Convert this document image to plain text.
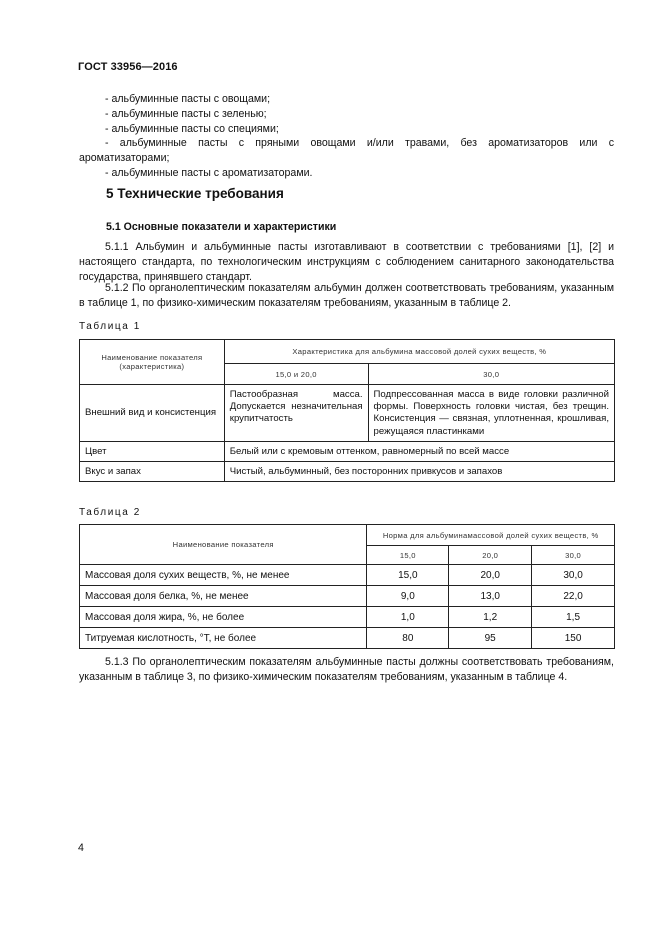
ГОСТ 33956—2016
- альбуминные пасты с овощами;
- альбуминные пасты с зеленью;
- альбуминные пасты со специями;
- альбуминные пасты с пряными овощами и/или травами, без ароматизаторов или с ароматизаторами;
- альбуминные пасты с ароматизаторами.
5 Технические требования
5.1 Основные показатели и характеристики
5.1.1 Альбумин и альбуминные пасты изготавливают в соответствии с требованиями [1], [2] и настоящего стандарта, по технологическим инструкциям с соблюдением санитарного законодательства государства, принявшего стандарт.
5.1.2 По органолептическим показателям альбумин должен соответствовать требованиям, указанным в таблице 1, по физико-химическим показателям требованиям, указанным в таблице 2.
Таблица 1
Наименование показателя (характеристика)	Характеристика для альбумина массовой долей сухих веществ, %	
	15,0 и 20,0	30,0
Внешний вид и консистенция	Пастообразная масса. Допускается незначительная крупитчатость	Подпрессованная масса в виде головки различной формы. Поверхность головки чистая, без трещин. Консистенция — связная, уплотненная, крошливая, режущаяся пластинками
Цвет	Белый или с кремовым оттенком, равномерный по всей массе	
Вкус и запах	Чистый, альбуминный, без посторонних привкусов и запахов	
Таблица 2
Наименование показателя	Норма для альбуминамассовой долей сухих веществ, %		
	15,0	20,0	30,0
Массовая доля сухих веществ, %, не менее	15,0	20,0	30,0
Массовая доля белка, %, не менее	9,0	13,0	22,0
Массовая доля жира, %, не более	1,0	1,2	1,5
Титруемая кислотность, °Т, не более	80	95	150
5.1.3 По органолептическим показателям альбуминные пасты должны соответствовать требованиям, указанным в таблице 3, по физико-химическим показателям требованиям, указанным в таблице 4.
4
